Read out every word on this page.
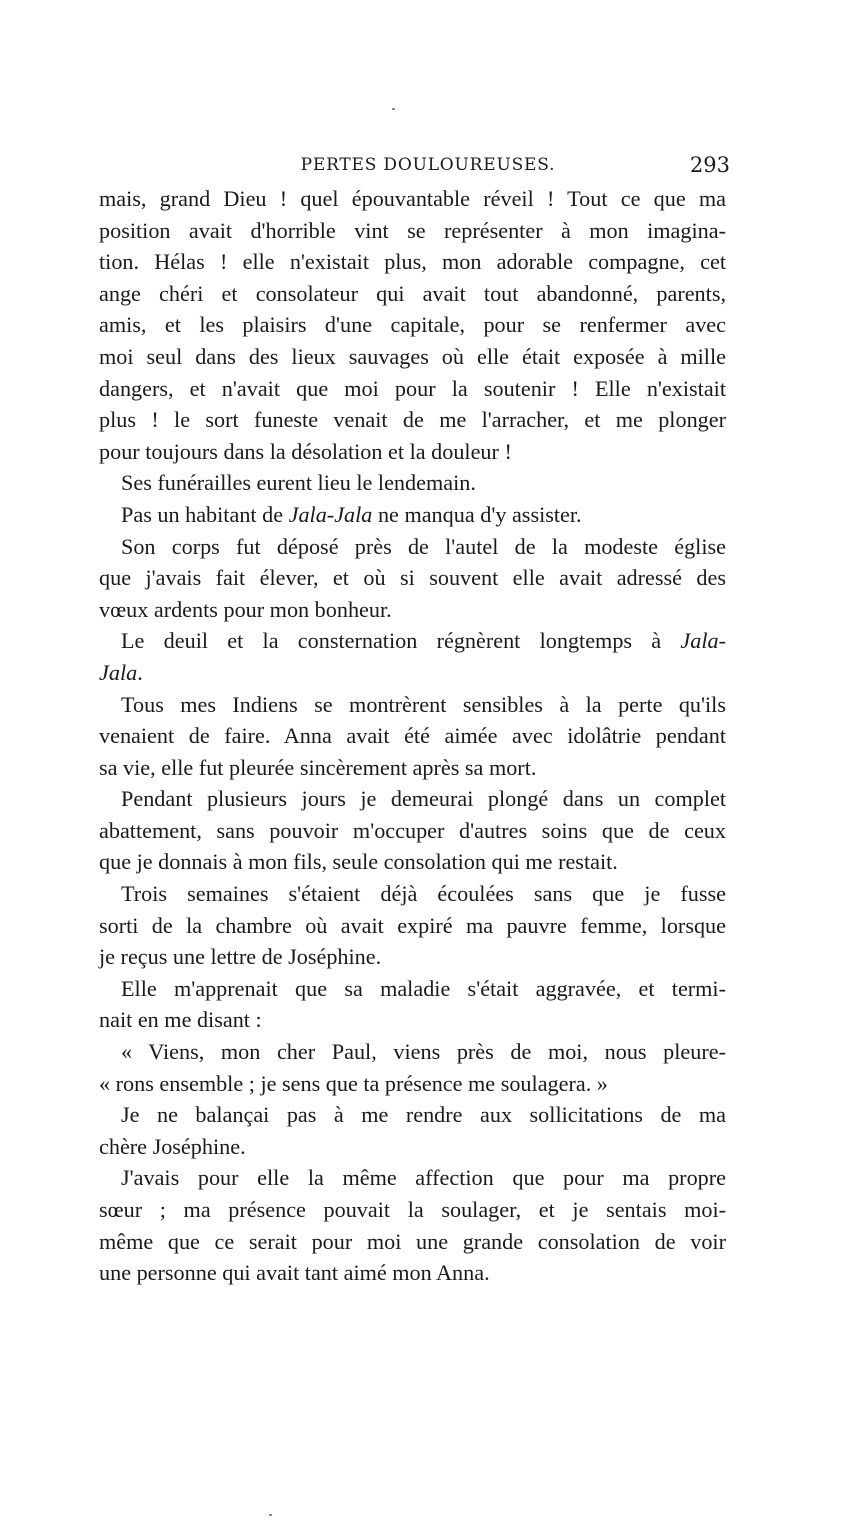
PERTES DOULOUREUSES.	293
mais, grand Dieu ! quel épouvantable réveil ! Tout ce que ma
position avait d'horrible vint se représenter à mon imagina-
tion. Hélas ! elle n'existait plus, mon adorable compagne, cet
ange chéri et consolateur qui avait tout abandonné, parents,
amis, et les plaisirs d'une capitale, pour se renfermer avec
moi seul dans des lieux sauvages où elle était exposée à mille
dangers, et n'avait que moi pour la soutenir ! Elle n'existait
plus ! le sort funeste venait de me l'arracher, et me plonger
pour toujours dans la désolation et la douleur !
Ses funérailles eurent lieu le lendemain.
Pas un habitant de Jala-Jala ne manqua d'y assister.
Son corps fut déposé près de l'autel de la modeste église
que j'avais fait élever, et où si souvent elle avait adressé des
vœux ardents pour mon bonheur.
Le deuil et la consternation régnèrent longtemps à Jala-
Jala.
Tous mes Indiens se montrèrent sensibles à la perte qu'ils
venaient de faire. Anna avait été aimée avec idolâtrie pendant
sa vie, elle fut pleurée sincèrement après sa mort.
Pendant plusieurs jours je demeurai plongé dans un complet
abattement, sans pouvoir m'occuper d'autres soins que de ceux
que je donnais à mon fils, seule consolation qui me restait.
Trois semaines s'étaient déjà écoulées sans que je fusse
sorti de la chambre où avait expiré ma pauvre femme, lorsque
je reçus une lettre de Joséphine.
Elle m'apprenait que sa maladie s'était aggravée, et termi-
nait en me disant :
« Viens, mon cher Paul, viens près de moi, nous pleure-
« rons ensemble ; je sens que ta présence me soulagera. »
Je ne balançai pas à me rendre aux sollicitations de ma
chère Joséphine.
J'avais pour elle la même affection que pour ma propre
sœur ; ma présence pouvait la soulager, et je sentais moi-
même que ce serait pour moi une grande consolation de voir
une personne qui avait tant aimé mon Anna.
